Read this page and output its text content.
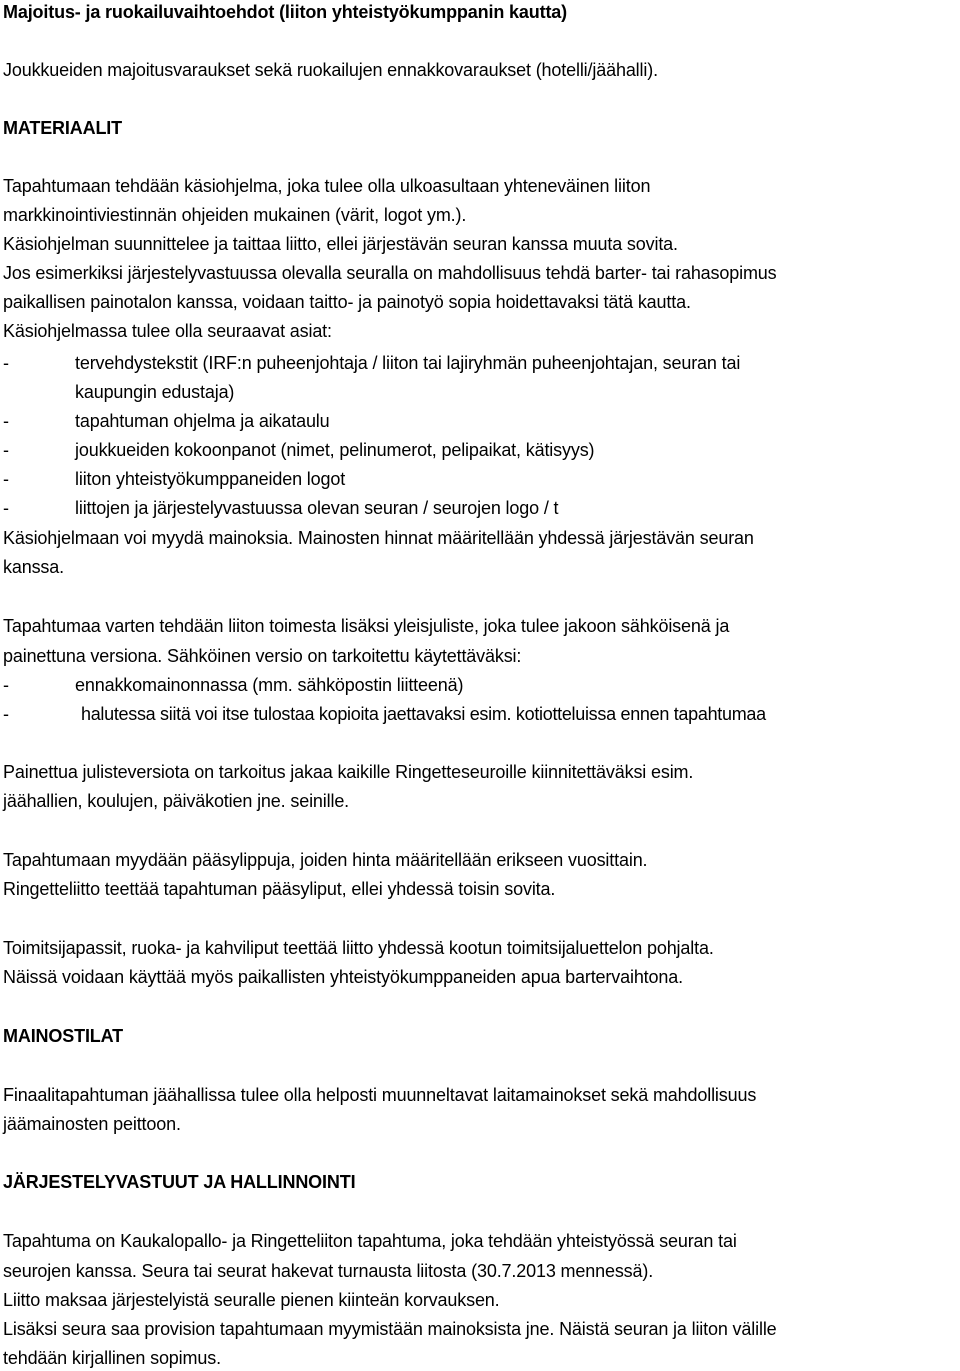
Majoitus- ja ruokailuvaihtoehdot (liiton yhteistyökumppanin kautta)
Joukkueiden majoitusvaraukset sekä ruokailujen ennakkovaraukset (hotelli/jäähalli).
MATERIAALIT
Tapahtumaan tehdään käsiohjelma, joka tulee olla ulkoasultaan yhteneväinen liiton
markkinointiviestinnän ohjeiden mukainen (värit, logot ym.).
Käsiohjelman suunnittelee ja taittaa liitto, ellei järjestävän seuran kanssa muuta sovita.
Jos esimerkiksi järjestelyvastuussa olevalla seuralla on mahdollisuus tehdä barter- tai rahasopimus
paikallisen painotalon kanssa, voidaan taitto- ja painotyö sopia hoidettavaksi tätä kautta.
Käsiohjelmassa tulee olla seuraavat asiat:
-	tervehdystekstit (IRF:n puheenjohtaja / liiton tai lajiryhmän puheenjohtajan, seuran tai
kaupungin edustaja)
-	tapahtuman ohjelma ja aikataulu
-	joukkueiden kokoonpanot (nimet, pelinumerot, pelipaikat, kätisyys)
-	liiton yhteistyökumppaneiden logot
-	liittojen ja järjestelyvastuussa olevan seuran / seurojen logo / t
Käsiohjelmaan voi myydä mainoksia. Mainosten hinnat määritellään yhdessä järjestävän seuran
kanssa.
Tapahtumaa varten tehdään liiton toimesta lisäksi yleisjuliste, joka tulee jakoon sähköisenä ja
painettuna versiona. Sähköinen versio on tarkoitettu käytettäväksi:
-	ennakkomainonnassa (mm. sähköpostin liitteenä)
-	halutessa siitä voi itse tulostaa kopioita jaettavaksi esim. kotiotteluissa ennen tapahtumaa
Painettua julisteversiota on tarkoitus jakaa kaikille Ringetteseuroille kiinnitettäväksi esim.
jäähallien, koulujen, päiväkotien jne. seinille.
Tapahtumaan myydään pääsylippuja, joiden hinta määritellään erikseen vuosittain.
Ringetteliitto teettää tapahtuman pääsyliput, ellei yhdessä toisin sovita.
Toimitsijapassit, ruoka- ja kahviliput teettää liitto yhdessä kootun toimitsijaluettelon pohjalta.
Näissä voidaan käyttää myös paikallisten yhteistyökumppaneiden apua bartervaihtona.
MAINOSTILAT
Finaalitapahtuman jäähallissa tulee olla helposti muunneltavat laitamainokset sekä mahdollisuus
jäämainosten peittoon.
JÄRJESTELYVASTUUT JA HALLINNOINTI
Tapahtuma on Kaukalopallo- ja Ringetteliiton tapahtuma, joka tehdään yhteistyössä seuran tai
seurojen kanssa. Seura tai seurat hakevat turnausta liitosta (30.7.2013 mennessä).
Liitto maksaa järjestelyistä seuralle pienen kiinteän korvauksen.
Lisäksi seura saa provision tapahtumaan myymistään mainoksista jne. Näistä seuran ja liiton välille
tehdään kirjallinen sopimus.
